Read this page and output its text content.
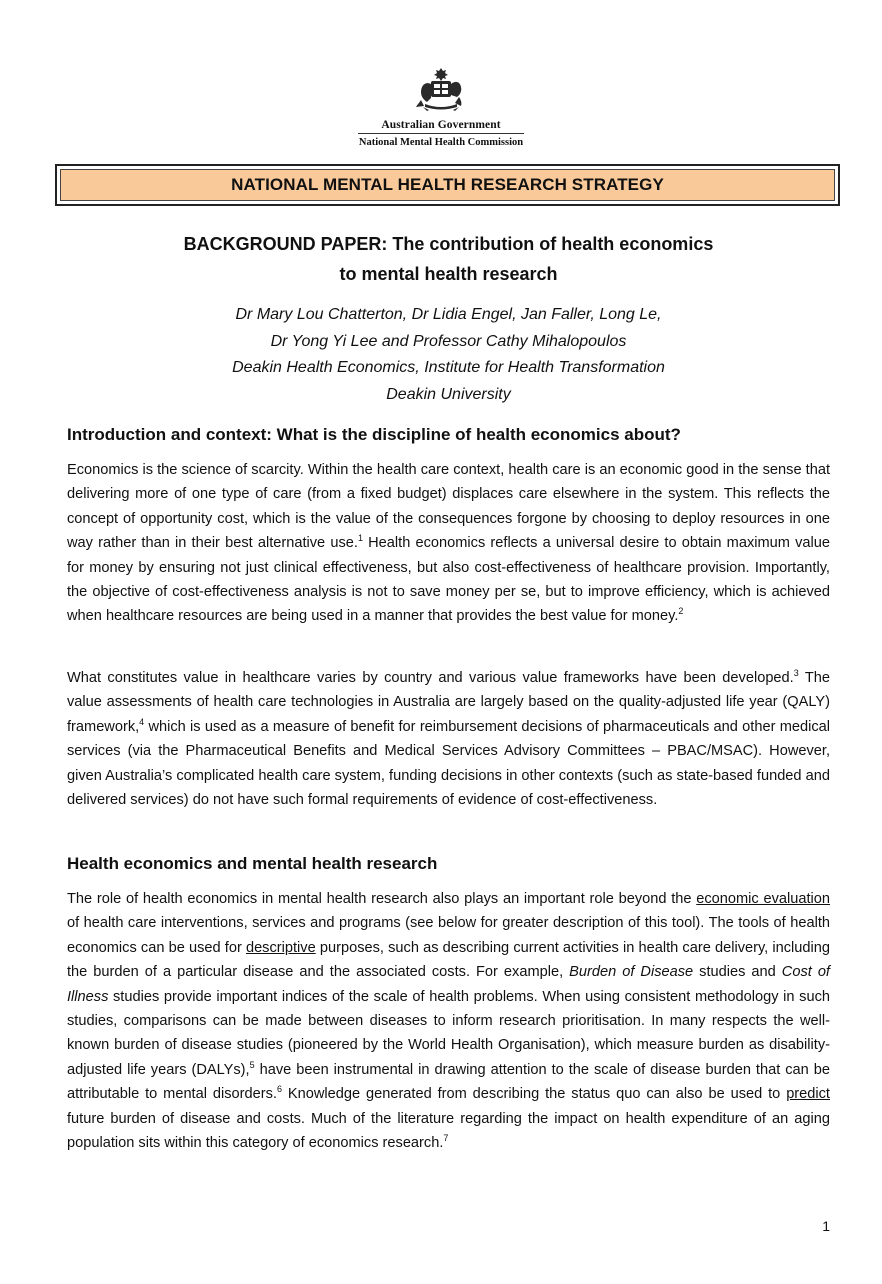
Australian Government
National Mental Health Commission
NATIONAL MENTAL HEALTH RESEARCH STRATEGY
BACKGROUND PAPER: The contribution of health economics
to mental health research
Dr Mary Lou Chatterton, Dr Lidia Engel, Jan Faller, Long Le,
Dr Yong Yi Lee and Professor Cathy Mihalopoulos
Deakin Health Economics, Institute for Health Transformation
Deakin University
Introduction and context: What is the discipline of health economics about?

Economics is the science of scarcity. Within the health care context, health care is an economic good in the sense that delivering more of one type of care (from a fixed budget) displaces care elsewhere in the system. This reflects the concept of opportunity cost, which is the value of the consequences forgone by choosing to deploy resources in one way rather than in their best alternative use.$^1$ Health economics reflects a universal desire to obtain maximum value for money by ensuring not just clinical effectiveness, but also cost-effectiveness of healthcare provision. Importantly, the objective of cost-effectiveness analysis is not to save money per se, but to improve efficiency, which is achieved when healthcare resources are being used in a manner that provides the best value for money.$^2$

What constitutes value in healthcare varies by country and various value frameworks have been developed.$^3$ The value assessments of health care technologies in Australia are largely based on the quality-adjusted life year (QALY) framework,$^4$ which is used as a measure of benefit for reimbursement decisions of pharmaceuticals and other medical services (via the Pharmaceutical Benefits and Medical Services Advisory Committees – PBAC/MSAC). However, given Australia’s complicated health care system, funding decisions in other contexts (such as state-based funded and delivered services) do not have such formal requirements of evidence of cost-effectiveness.

Health economics and mental health research

The role of health economics in mental health research also plays an important role beyond the economic evaluation of health care interventions, services and programs (see below for greater description of this tool). The tools of health economics can be used for descriptive purposes, such as describing current activities in health care delivery, including the burden of a particular disease and the associated costs. For example, Burden of Disease studies and Cost of Illness studies provide important indices of the scale of health problems. When using consistent methodology in such studies, comparisons can be made between diseases to inform research prioritisation. In many respects the well-known burden of disease studies (pioneered by the World Health Organisation), which measure burden as disability-adjusted life years (DALYs),$^5$ have been instrumental in drawing attention to the scale of disease burden that can be attributable to mental disorders.$^6$ Knowledge generated from describing the status quo can also be used to predict future burden of disease and costs. Much of the literature regarding the impact on health expenditure of an aging population sits within this category of economics research.$^7$

1
